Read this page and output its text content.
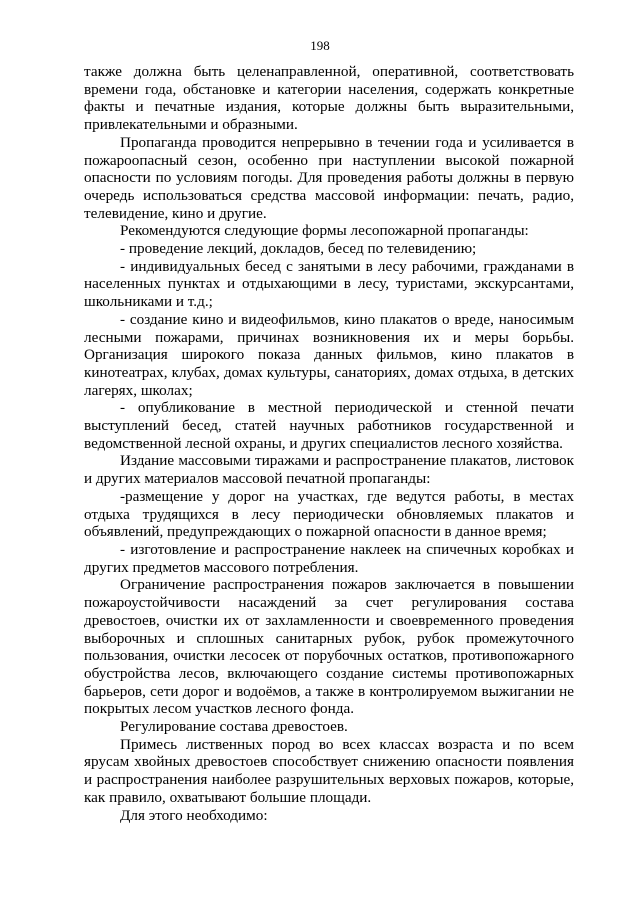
198

также должна быть целенаправленной, оперативной, соответствовать времени года, обстановке и категории населения, содержать конкретные факты и печатные издания, которые должны быть выразительными, привлекательными и образными.

Пропаганда проводится непрерывно в течении года и усиливается в пожароопасный сезон, особенно при наступлении высокой пожарной опасности по условиям погоды. Для проведения работы должны в первую очередь использоваться средства массовой информации: печать, радио, телевидение, кино и другие.

Рекомендуются следующие формы лесопожарной пропаганды:

- проведение лекций, докладов, бесед по телевидению;

- индивидуальных бесед с занятыми в лесу рабочими, гражданами в населенных пунктах и отдыхающими в лесу, туристами, экскурсантами, школьниками и т.д.;

- создание кино и видеофильмов, кино плакатов о вреде, наносимым лесными пожарами, причинах возникновения их и меры борьбы. Организация широкого показа данных фильмов, кино плакатов в кинотеатрах, клубах, домах культуры, санаториях, домах отдыха, в детских лагерях, школах;

- опубликование в местной периодической и стенной печати выступлений бесед, статей научных работников государственной и ведомственной лесной охраны, и других специалистов лесного хозяйства.

Издание массовыми тиражами и распространение плакатов, листовок и других материалов массовой печатной пропаганды:

-размещение у дорог на участках, где ведутся работы, в местах отдыха трудящихся в лесу периодически обновляемых плакатов и объявлений, предупреждающих о пожарной опасности в данное время;

- изготовление и распространение наклеек на спичечных коробках и других предметов массового потребления.

Ограничение распространения пожаров заключается в повышении пожароустойчивости насаждений за счет регулирования состава древостоев, очистки их от захламленности и своевременного проведения выборочных и сплошных санитарных рубок, рубок промежуточного пользования, очистки лесосек от порубочных остатков, противопожарного обустройства лесов, включающего создание системы противопожарных барьеров, сети дорог и водоёмов, а также в контролируемом выжигании не покрытых лесом участков лесного фонда.

Регулирование состава древостоев.

Примесь лиственных пород во всех классах возраста и по всем ярусам хвойных древостоев способствует снижению опасности появления и распространения наиболее разрушительных верховых пожаров, которые, как правило, охватывают большие площади.

Для этого необходимо:
